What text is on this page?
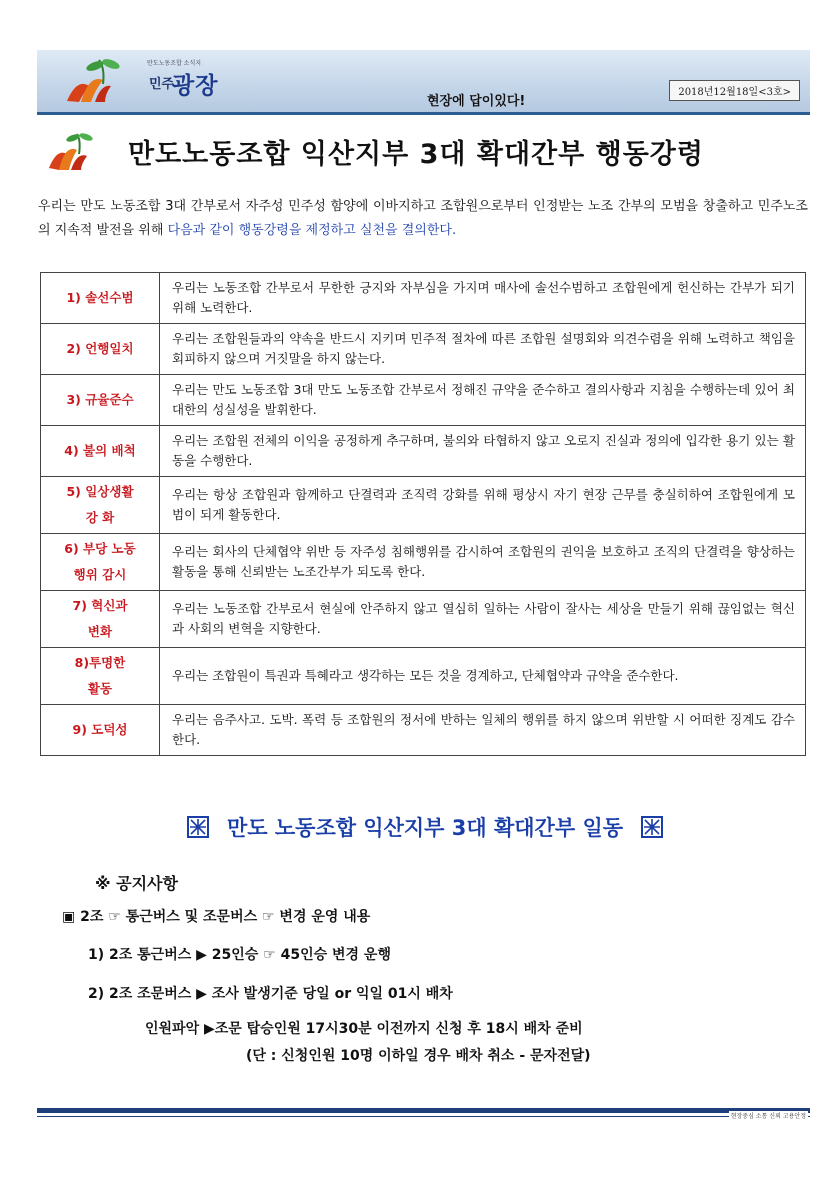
만도노동조합 소식지
민주
광장
현장에 답이있다!
2018년12월18일<3호>
만도노동조합 익산지부 3대 확대간부 행동강령
우리는 만도 노동조합 3대 간부로서 자주성 민주성 함양에 이바지하고 조합원으로부터 인정받는 노조 간부의 모범을 창출하고 민주노조의 지속적 발전을 위해 다음과 같이 행동강령을 제정하고 실천을 결의한다.
1) 솔선수범	우리는 노동조합 간부로서 무한한 긍지와 자부심을 가지며 매사에 솔선수범하고 조합원에게 헌신하는 간부가 되기 위해 노력한다.

2) 언행일치	우리는 조합원들과의 약속을 반드시 지키며 민주적 절차에 따른 조합원 설명회와 의견수렴을 위해 노력하고 책임을 회피하지 않으며 거짓말을 하지 않는다.

3) 규율준수	우리는 만도 노동조합 3대 만도 노동조합 간부로서 정해진 규약을 준수하고 결의사항과 지침을 수행하는데 있어 최대한의 성실성을 발휘한다.

4) 불의 배척	우리는 조합원 전체의 이익을 공정하게 추구하며, 불의와 타협하지 않고 오로지 진실과 정의에 입각한 용기 있는 활동을 수행한다.

5) 일상생활
강 화	우리는 항상 조합원과 함께하고 단결력과 조직력 강화를 위해 평상시 자기 현장 근무를 충실히하여 조합원에게 모범이 되게 활동한다.

6) 부당 노동
행위 감시	우리는 회사의 단체협약 위반 등 자주성 침해행위를 감시하여 조합원의 권익을 보호하고 조직의 단결력을 향상하는 활동을 통해 신뢰받는 노조간부가 되도록 한다.

7) 혁신과
변화	우리는 노동조합 간부로서 현실에 안주하지 않고 열심히 일하는 사람이 잘사는 세상을 만들기 위해 끊임없는 혁신과 사회의 변혁을 지향한다.

8)투명한
활동	우리는 조합원이 특권과 특혜라고 생각하는 모든 것을 경계하고, 단체협약과 규약을 준수한다.

9) 도덕성	우리는 음주사고. 도박. 폭력 등 조합원의 정서에 반하는 일체의 행위를 하지 않으며 위반할 시 어떠한 징계도 감수한다.
만도 노동조합 익산지부 3대 확대간부 일동
※ 공지사항
▣ 2조 ☞ 통근버스 및 조문버스 ☞ 변경 운영 내용
1) 2조 통근버스 ▶ 25인승 ☞ 45인승 변경 운행
2) 2조 조문버스 ▶ 조사 발생기준 당일 or 익일 01시 배차
인원파악 ▶조문 탑승인원 17시30분 이전까지 신청 후 18시 배차 준비
(단 : 신청인원 10명 이하일 경우 배차 취소 - 문자전달)
현장중심 소통 신뢰 고용안정
